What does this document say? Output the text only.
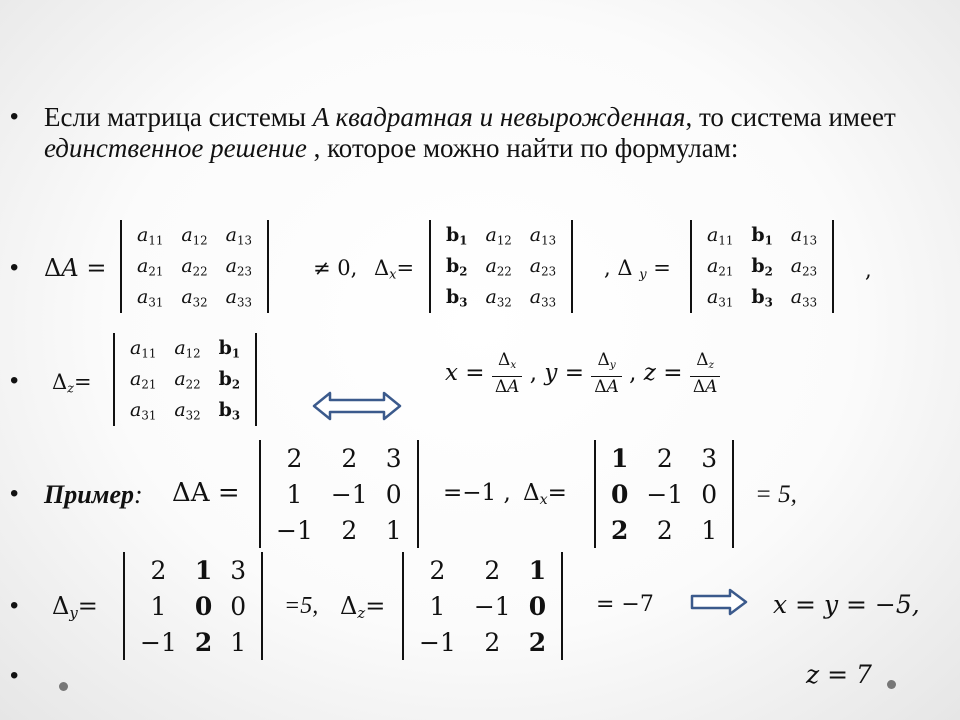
•
•
•
•
•
•
Если матрица системы A квадратная и невырожденная, то система имеет единственное решение , которое можно найти по формулам:
ΔA =
$a_{11}$	$a_{12}$	$a_{13}$
$a_{21}$	$a_{22}$	$a_{23}$
$a_{31}$	$a_{32}$	$a_{33}$
≠ 0, $\Delta_x=$
$b_1$	$a_{12}$	$a_{13}$
$b_2$	$a_{22}$	$a_{23}$
$b_3$	$a_{32}$	$a_{33}$
, Δ $_y$ =
$a_{11}$	$b_1$	$a_{13}$
$a_{21}$	$b_2$	$a_{23}$
$a_{31}$	$b_3$	$a_{33}$
,
$\Delta_z=$
$a_{11}$	$a_{12}$	$b_1$
$a_{21}$	$a_{22}$	$b_2$
$a_{31}$	$a_{32}$	$b_3$
$x = \frac{\Delta_x}{\Delta A}$ , $y = \frac{\Delta_y}{\Delta A}$ , $z = \frac{\Delta_z}{\Delta A}$
Пример: ΔA =
2	2	3
1	−1	0
−1	2	1
=−1 , $\Delta_x=$
1	2	3
0	−1	0
2	2	1
= 5,
$\Delta_y=$
2	1	3
1	0	0
−1	2	1
=5, $\Delta_z=$
2	2	1
1	−1	0
−1	2	2
= −7	x = y = −5,
z = 7
